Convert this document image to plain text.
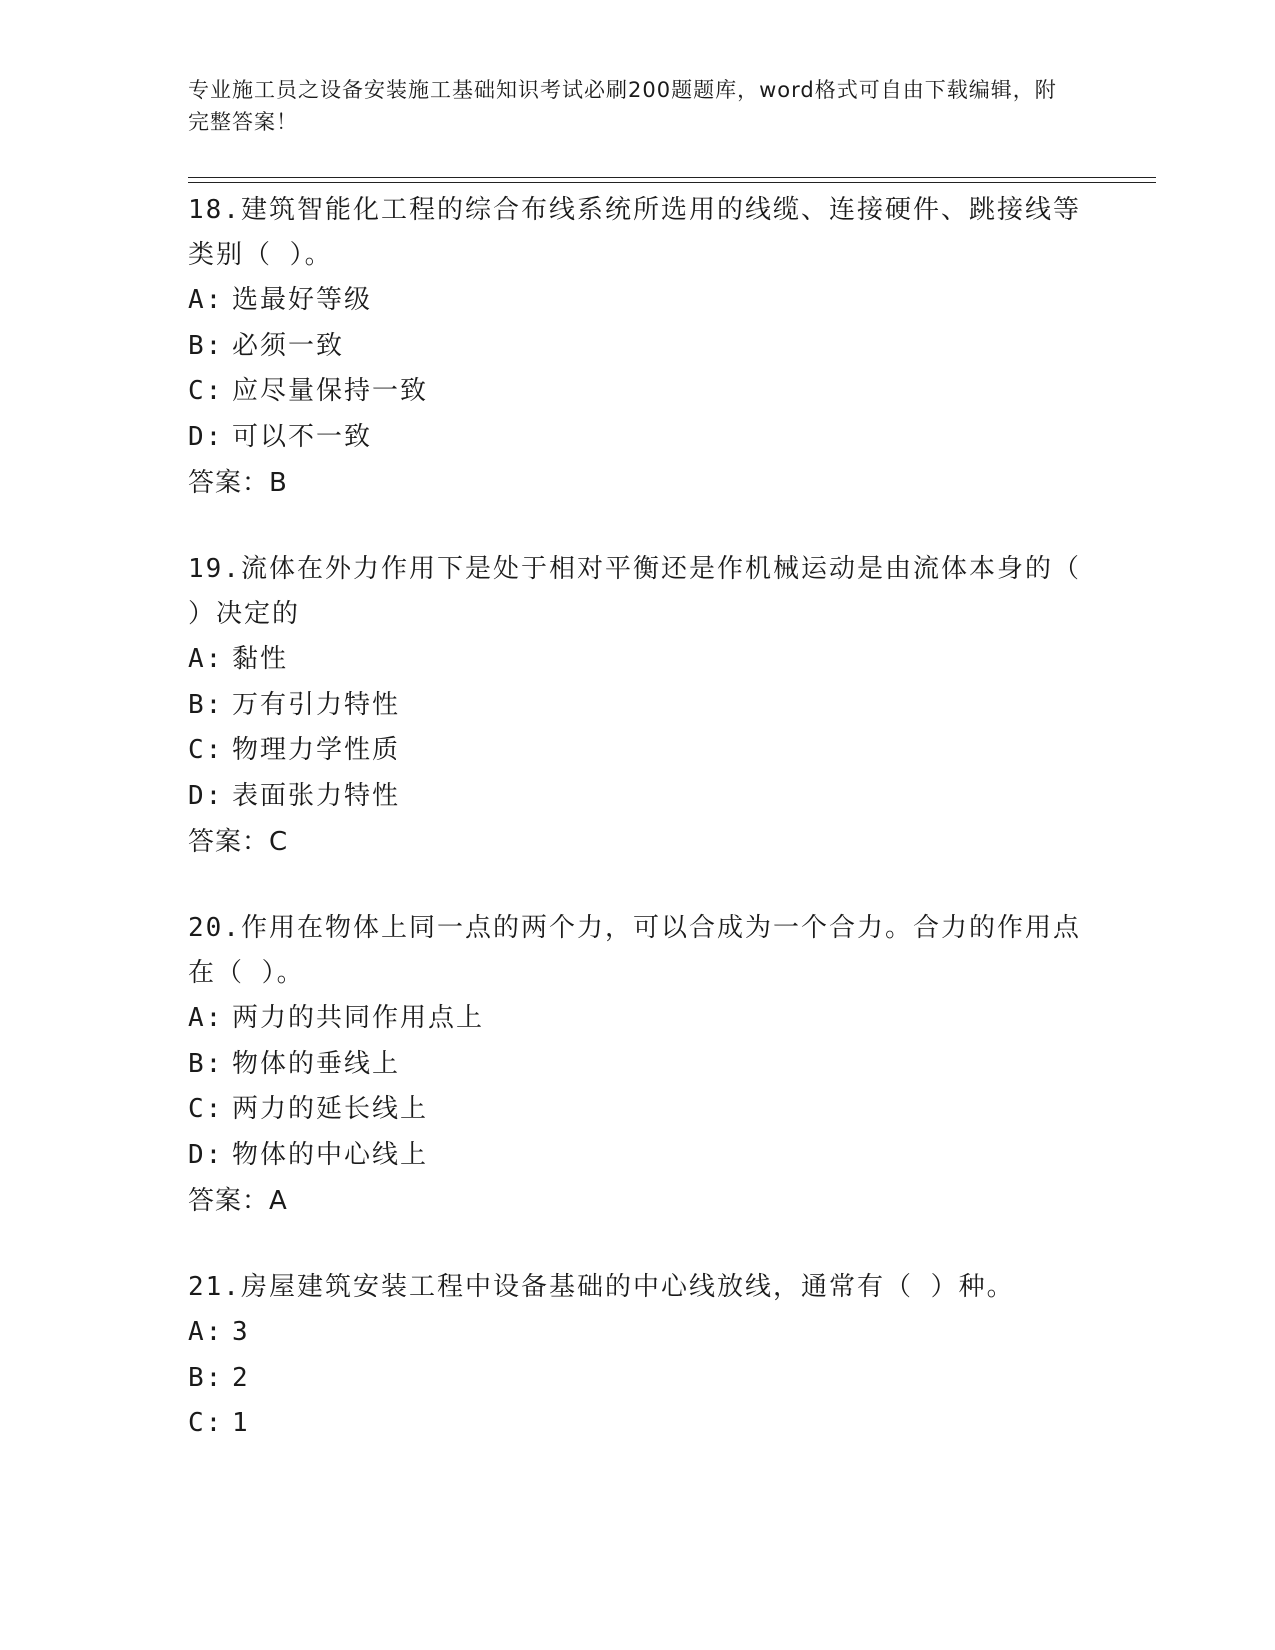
专业施工员之设备安装施工基础知识考试必刷200题题库，word格式可自由下载编辑，附完整答案！

18.建筑智能化工程的综合布线系统所选用的线缆、连接硬件、跳接线等类别（ ）。

A: 选最好等级
B: 必须一致
C: 应尽量保持一致
D: 可以不一致
答案：B

19.流体在外力作用下是处于相对平衡还是作机械运动是由流体本身的（ ）决定的

A: 黏性
B: 万有引力特性
C: 物理力学性质
D: 表面张力特性
答案：C

20.作用在物体上同一点的两个力，可以合成为一个合力。合力的作用点在（ ）。

A: 两力的共同作用点上
B: 物体的垂线上
C: 两力的延长线上
D: 物体的中心线上
答案：A

21.房屋建筑安装工程中设备基础的中心线放线，通常有（ ）种。

A: 3
B: 2
C: 1
